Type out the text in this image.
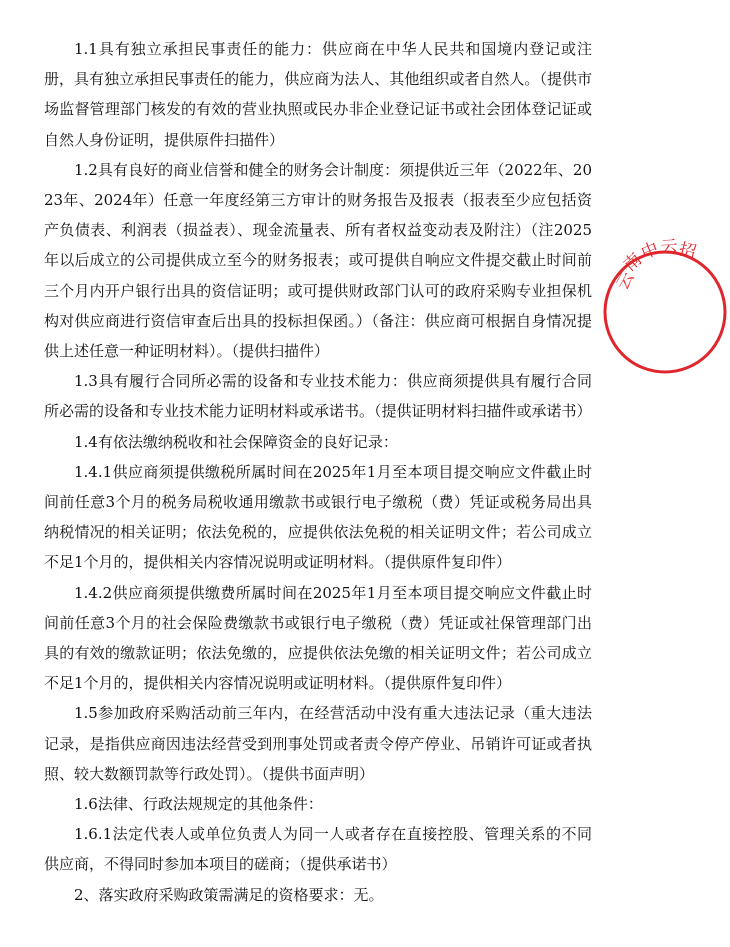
1.1具有独立承担民事责任的能力：供应商在中华人民共和国境内登记或注册，具有独立承担民事责任的能力，供应商为法人、其他组织或者自然人。（提供市场监督管理部门核发的有效的营业执照或民办非企业登记证书或社会团体登记证或自然人身份证明，提供原件扫描件）

1.2具有良好的商业信誉和健全的财务会计制度：须提供近三年（2022年、2023年、2024年）任意一年度经第三方审计的财务报告及报表（报表至少应包括资产负债表、利润表（损益表）、现金流量表、所有者权益变动表及附注）（注2025年以后成立的公司提供成立至今的财务报表；或可提供自响应文件提交截止时间前三个月内开户银行出具的资信证明；或可提供财政部门认可的政府采购专业担保机构对供应商进行资信审查后出具的投标担保函。）（备注：供应商可根据自身情况提供上述任意一种证明材料）。（提供扫描件）

1.3具有履行合同所必需的设备和专业技术能力：供应商须提供具有履行合同所必需的设备和专业技术能力证明材料或承诺书。（提供证明材料扫描件或承诺书）

1.4有依法缴纳税收和社会保障资金的良好记录：

1.4.1供应商须提供缴税所属时间在2025年1月至本项目提交响应文件截止时间前任意3个月的税务局税收通用缴款书或银行电子缴税（费）凭证或税务局出具纳税情况的相关证明；依法免税的，应提供依法免税的相关证明文件；若公司成立不足1个月的，提供相关内容情况说明或证明材料。（提供原件复印件）

1.4.2供应商须提供缴费所属时间在2025年1月至本项目提交响应文件截止时间前任意3个月的社会保险费缴款书或银行电子缴税（费）凭证或社保管理部门出具的有效的缴款证明；依法免缴的，应提供依法免缴的相关证明文件；若公司成立不足1个月的，提供相关内容情况说明或证明材料。（提供原件复印件）

1.5参加政府采购活动前三年内，在经营活动中没有重大违法记录（重大违法记录，是指供应商因违法经营受到刑事处罚或者责令停产停业、吊销许可证或者执照、较大数额罚款等行政处罚）。（提供书面声明）

1.6法律、行政法规规定的其他条件：

1.6.1法定代表人或单位负责人为同一人或者存在直接控股、管理关系的不同供应商，不得同时参加本项目的磋商；（提供承诺书）

2、落实政府采购政策需满足的资格要求：无。

云
南
中
云
招
